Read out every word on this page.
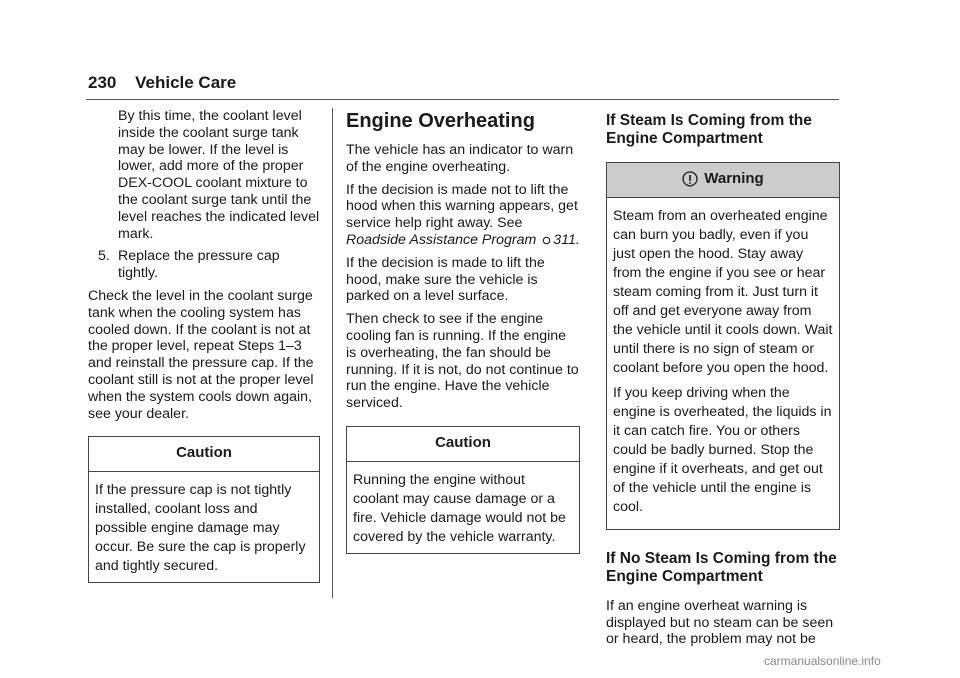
230 Vehicle Care

By this time, the coolant level inside the coolant surge tank may be lower. If the level is lower, add more of the proper DEX-COOL coolant mixture to the coolant surge tank until the level reaches the indicated level mark.

5. Replace the pressure cap tightly.

Check the level in the coolant surge tank when the cooling system has cooled down. If the coolant is not at the proper level, repeat Steps 1–3 and reinstall the pressure cap. If the coolant still is not at the proper level when the system cools down again, see your dealer.

Caution
If the pressure cap is not tightly installed, coolant loss and possible engine damage may occur. Be sure the cap is properly and tightly secured.
Engine Overheating

The vehicle has an indicator to warn of the engine overheating.

If the decision is made not to lift the hood when this warning appears, get service help right away. See Roadside Assistance Program 311.

If the decision is made to lift the hood, make sure the vehicle is parked on a level surface.

Then check to see if the engine cooling fan is running. If the engine is overheating, the fan should be running. If it is not, do not continue to run the engine. Have the vehicle serviced.

Caution
Running the engine without coolant may cause damage or a fire. Vehicle damage would not be covered by the vehicle warranty.
If Steam Is Coming from the Engine Compartment
Warning

Steam from an overheated engine can burn you badly, even if you just open the hood. Stay away from the engine if you see or hear steam coming from it. Just turn it off and get everyone away from the vehicle until it cools down. Wait until there is no sign of steam or coolant before you open the hood.

If you keep driving when the engine is overheated, the liquids in it can catch fire. You or others could be badly burned. Stop the engine if it overheats, and get out of the vehicle until the engine is cool.

If No Steam Is Coming from the Engine Compartment

If an engine overheat warning is displayed but no steam can be seen or heard, the problem may not be

carmanualsonline.info
